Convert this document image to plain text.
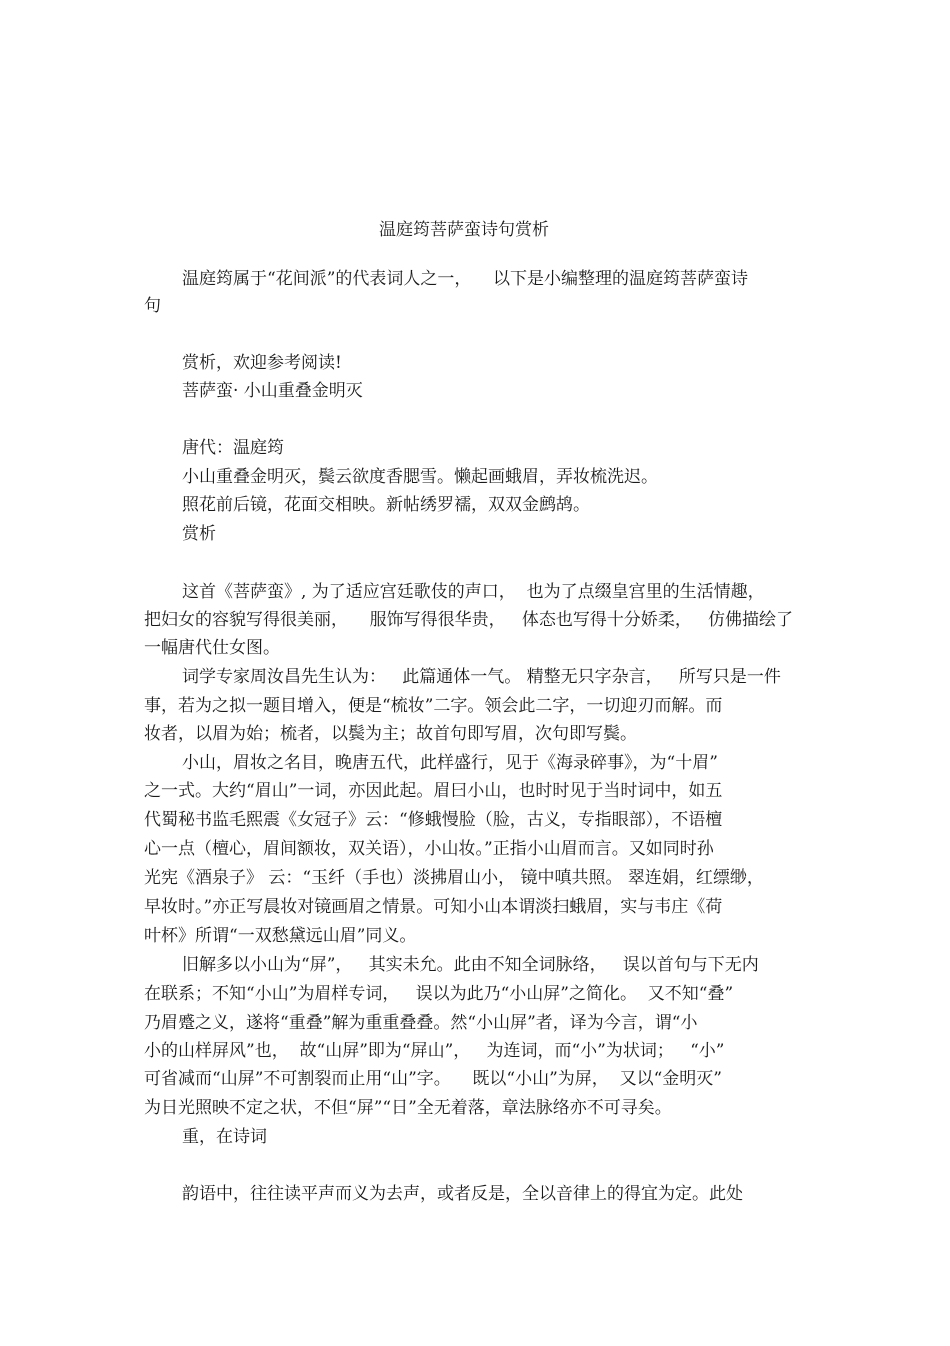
温庭筠菩萨蛮诗句赏析

温庭筠属于“花间派”的代表词人之一，    以下是小编整理的温庭筠菩萨蛮诗

句

赏析，欢迎参考阅读!

菩萨蛮· 小山重叠金明灭

唐代：温庭筠

小山重叠金明灭，鬓云欲度香腮雪。懒起画蛾眉，弄妆梳洗迟。

照花前后镜，花面交相映。新帖绣罗襦，双双金鹧鸪。

赏析

这首《菩萨蛮》, 为了适应宫廷歌伎的声口，  也为了点缀皇宫里的生活情趣，

把妇女的容貌写得很美丽，    服饰写得很华贵，   体态也写得十分娇柔，   仿佛描绘了

一幅唐代仕女图。

词学专家周汝昌先生认为：   此篇通体一气。 精整无只字杂言，   所写只是一件

事，若为之拟一题目增入，便是“梳妆”二字。领会此二字，一切迎刃而解。而

妆者，以眉为始；梳者，以鬓为主；故首句即写眉，次句即写鬓。

小山，眉妆之名目，晚唐五代，此样盛行，见于《海录碎事》，为“十眉”

之一式。大约“眉山”一词，亦因此起。眉曰小山，也时时见于当时词中，如五

代蜀秘书监毛熙震《女冠子》云：“修蛾慢脸（脸，古义，专指眼部），不语檀

心一点（檀心，眉间额妆，双关语），小山妆。”正指小山眉而言。又如同时孙

光宪《酒泉子》 云：“玉纤（手也）淡拂眉山小， 镜中嗔共照。 翠连娟，红缥缈，

早妆时。”亦正写晨妆对镜画眉之情景。可知小山本谓淡扫蛾眉，实与韦庄《荷

叶杯》所谓“一双愁黛远山眉”同义。

旧解多以小山为“屏”，   其实未允。此由不知全词脉络，   误以首句与下无内

在联系；不知“小山”为眉样专词，   误以为此乃“小山屏”之简化。  又不知“叠”

乃眉蹙之义，遂将“重叠”解为重重叠叠。然“小山屏”者，译为今言，谓“小

小的山样屏风”也，  故“山屏”即为“屏山”，   为连词，而“小”为状词；   “小”

可省减而“山屏”不可割裂而止用“山”字。    既以“小山”为屏，  又以“金明灭”

为日光照映不定之状，不但“屏”“日”全无着落，章法脉络亦不可寻矣。

重，在诗词

韵语中，往往读平声而义为去声，或者反是，全以音律上的得宜为定。此处
